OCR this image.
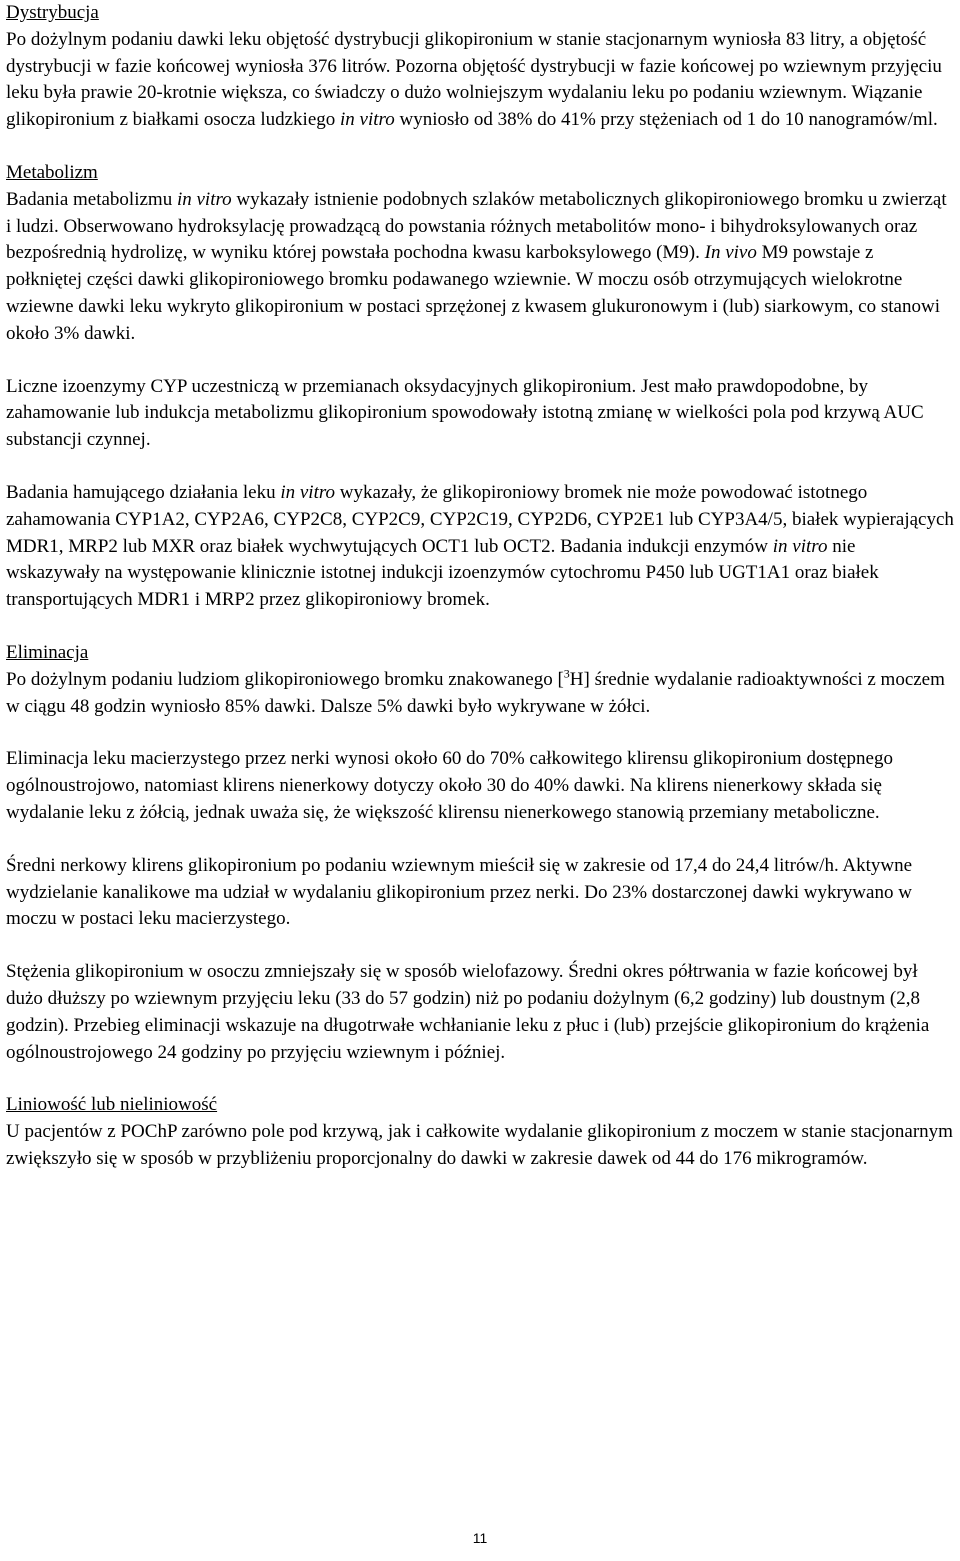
Dystrybucja

Po dożylnym podaniu dawki leku objętość dystrybucji glikopironium w stanie stacjonarnym wyniosła 83 litry, a objętość dystrybucji w fazie końcowej wyniosła 376 litrów. Pozorna objętość dystrybucji w fazie końcowej po wziewnym przyjęciu leku była prawie 20-krotnie większa, co świadczy o dużo wolniejszym wydalaniu leku po podaniu wziewnym. Wiązanie glikopironium z białkami osocza ludzkiego in vitro wyniosło od 38% do 41% przy stężeniach od 1 do 10 nanogramów/ml.

Metabolizm

Badania metabolizmu in vitro wykazały istnienie podobnych szlaków metabolicznych glikopironiowego bromku u zwierząt i ludzi. Obserwowano hydroksylację prowadzącą do powstania różnych metabolitów mono- i bihydroksylowanych oraz bezpośrednią hydrolizę, w wyniku której powstała pochodna kwasu karboksylowego (M9). In vivo M9 powstaje z połkniętej części dawki glikopironiowego bromku podawanego wziewnie. W moczu osób otrzymujących wielokrotne wziewne dawki leku wykryto glikopironium w postaci sprzężonej z kwasem glukuronowym i (lub) siarkowym, co stanowi około 3% dawki.

Liczne izoenzymy CYP uczestniczą w przemianach oksydacyjnych glikopironium. Jest mało prawdopodobne, by zahamowanie lub indukcja metabolizmu glikopironium spowodowały istotną zmianę w wielkości pola pod krzywą AUC substancji czynnej.

Badania hamującego działania leku in vitro wykazały, że glikopironiowy bromek nie może powodować istotnego zahamowania CYP1A2, CYP2A6, CYP2C8, CYP2C9, CYP2C19, CYP2D6, CYP2E1 lub CYP3A4/5, białek wypierających MDR1, MRP2 lub MXR oraz białek wychwytujących OCT1 lub OCT2. Badania indukcji enzymów in vitro nie wskazywały na występowanie klinicznie istotnej indukcji izoenzymów cytochromu P450 lub UGT1A1 oraz białek transportujących MDR1 i MRP2 przez glikopironiowy bromek.

Eliminacja

Po dożylnym podaniu ludziom glikopironiowego bromku znakowanego [$^3$H] średnie wydalanie radioaktywności z moczem w ciągu 48 godzin wyniosło 85% dawki. Dalsze 5% dawki było wykrywane w żółci.

Eliminacja leku macierzystego przez nerki wynosi około 60 do 70% całkowitego klirensu glikopironium dostępnego ogólnoustrojowo, natomiast klirens nienerkowy dotyczy około 30 do 40% dawki. Na klirens nienerkowy składa się wydalanie leku z żółcią, jednak uważa się, że większość klirensu nienerkowego stanowią przemiany metaboliczne.

Średni nerkowy klirens glikopironium po podaniu wziewnym mieścił się w zakresie od 17,4 do 24,4 litrów/h. Aktywne wydzielanie kanalikowe ma udział w wydalaniu glikopironium przez nerki. Do 23% dostarczonej dawki wykrywano w moczu w postaci leku macierzystego.

Stężenia glikopironium w osoczu zmniejszały się w sposób wielofazowy. Średni okres półtrwania w fazie końcowej był dużo dłuższy po wziewnym przyjęciu leku (33 do 57 godzin) niż po podaniu dożylnym (6,2 godziny) lub doustnym (2,8 godzin). Przebieg eliminacji wskazuje na długotrwałe wchłanianie leku z płuc i (lub) przejście glikopironium do krążenia ogólnoustrojowego 24 godziny po przyjęciu wziewnym i później.

Liniowość lub nieliniowość

U pacjentów z POChP zarówno pole pod krzywą, jak i całkowite wydalanie glikopironium z moczem w stanie stacjonarnym zwiększyło się w sposób w przybliżeniu proporcjonalny do dawki w zakresie dawek od 44 do 176 mikrogramów.

11
